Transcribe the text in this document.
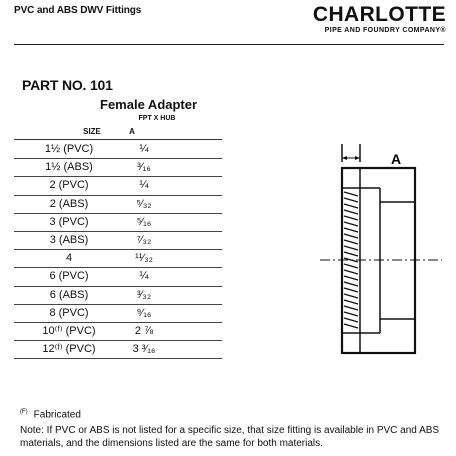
PVC and ABS DWV Fittings	CHARLOTTE
PIPE AND FOUNDRY COMPANY®
PART NO. 101
Female Adapter
FPT X HUB
SIZE	A
1½ (PVC)	¼
1½ (ABS)	³⁄₁₆
2 (PVC)	¼
2 (ABS)	⁵⁄₃₂
3 (PVC)	⁵⁄₁₆
3 (ABS)	⁷⁄₃₂
4	¹¹⁄₃₂
6 (PVC)	¼
6 (ABS)	³⁄₃₂
8 (PVC)	⁹⁄₁₆
10⁽ᶠ⁾ (PVC)	2 ⅞
12⁽ᶠ⁾ (PVC)	3 ³⁄₁₆
A
$^{(F)}$ Fabricated
Note: If PVC or ABS is not listed for a specific size, that size fitting is available in PVC and ABS materials, and the dimensions listed are the same for both materials.
